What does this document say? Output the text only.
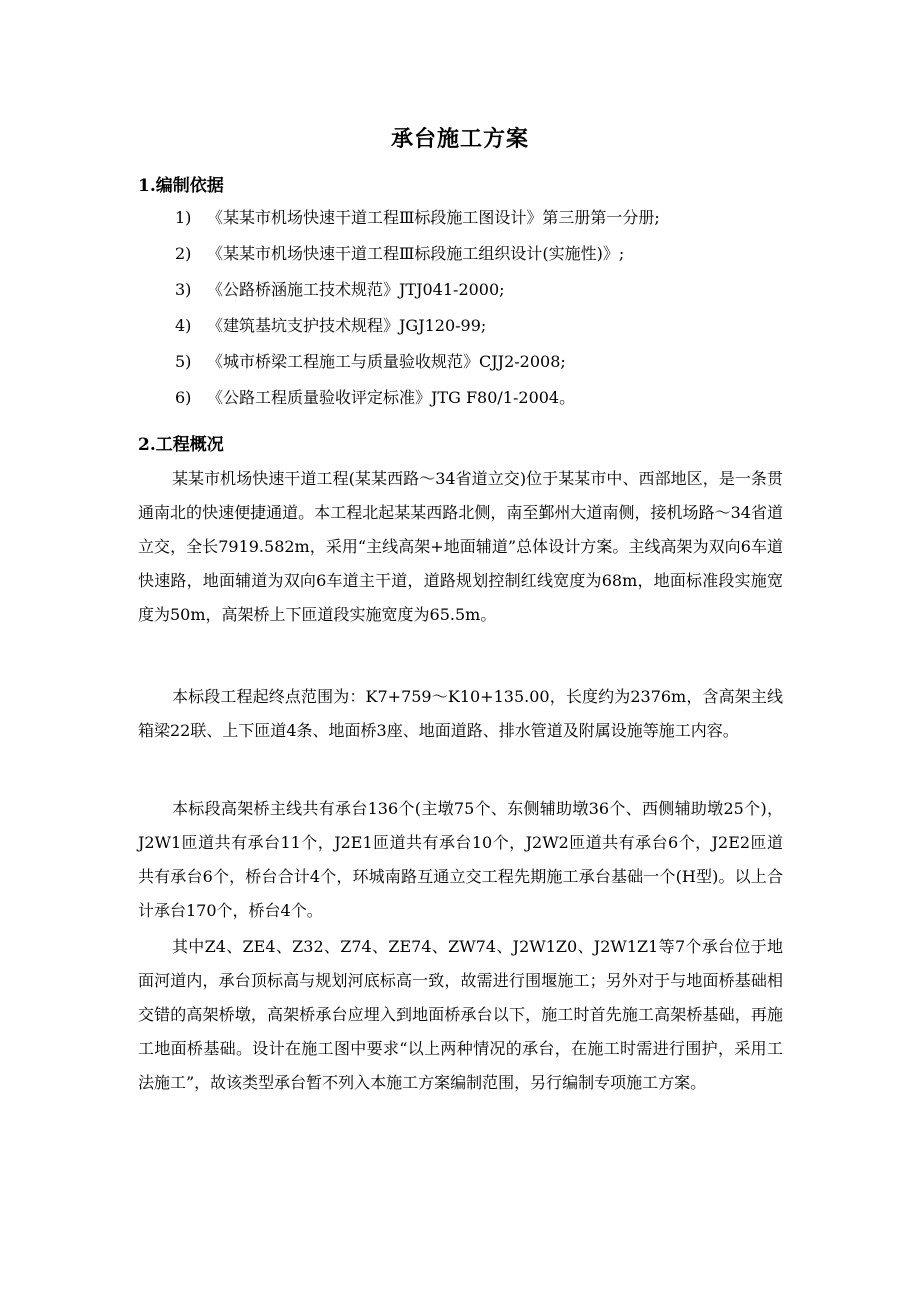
承台施工方案
1.编制依据
1) 《某某市机场快速干道工程Ⅲ标段施工图设计》第三册第一分册;
2) 《某某市机场快速干道工程Ⅲ标段施工组织设计(实施性)》;
3) 《公路桥涵施工技术规范》JTJ041-2000;
4) 《建筑基坑支护技术规程》JGJ120-99;
5) 《城市桥梁工程施工与质量验收规范》CJJ2-2008;
6) 《公路工程质量验收评定标准》JTG F80/1-2004。
2.工程概况

某某市机场快速干道工程(某某西路～34省道立交)位于某某市中、西部地区，是一条贯通南北的快速便捷通道。本工程北起某某西路北侧，南至鄞州大道南侧，接机场路～34省道立交，全长7919.582m，采用“主线高架+地面辅道”总体设计方案。主线高架为双向6车道快速路，地面辅道为双向6车道主干道，道路规划控制红线宽度为68m，地面标准段实施宽度为50m，高架桥上下匝道段实施宽度为65.5m。

本标段工程起终点范围为：K7+759～K10+135.00，长度约为2376m，含高架主线箱梁22联、上下匝道4条、地面桥3座、地面道路、排水管道及附属设施等施工内容。

本标段高架桥主线共有承台136个(主墩75个、东侧辅助墩36个、西侧辅助墩25个)，J2W1匝道共有承台11个，J2E1匝道共有承台10个，J2W2匝道共有承台6个，J2E2匝道共有承台6个，桥台合计4个，环城南路互通立交工程先期施工承台基础一个(H型)。以上合计承台170个，桥台4个。

其中Z4、ZE4、Z32、Z74、ZE74、ZW74、J2W1Z0、J2W1Z1等7个承台位于地面河道内，承台顶标高与规划河底标高一致，故需进行围堰施工；另外对于与地面桥基础相交错的高架桥墩，高架桥承台应埋入到地面桥承台以下，施工时首先施工高架桥基础，再施工地面桥基础。设计在施工图中要求“以上两种情况的承台，在施工时需进行围护，采用工法施工”，故该类型承台暂不列入本施工方案编制范围，另行编制专项施工方案。
